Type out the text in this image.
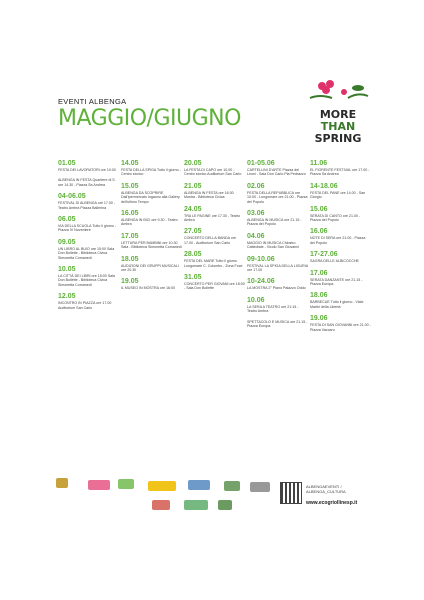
EVENTI ALBENGA
MAGGIO/GIUGNO	MORE
THAN
SPRING
01.05
FESTA DEI LAVORATORI ore 10:00
ALBENGA IN FESTA Quartiere di S. ore 14.30 - Piazza Sa Andrea
04-06.05
FESTIVAL DI ALBENGA ore 17.00 - Teatro Ambra Piazza Ballerina
06.05
VIA DELLA SCUOLA Tutto il giorno - Piazza IV Novembre
09.05
UN LIBRO AL BUIO ore 15:00 Sala Don Bollette - Biblioteca Civica Simonetta Comanedi
10.05
LA CITTÀ DEI LIBRI ore 15:00 Sala Don Bollette - Biblioteca Civica Simonetta Comanedi
12.05
INCONTRO IN PIAZZA ore 17.00 Auditorium San Carlo
14.05
FESTA DELLA SPIGA Tutto il giorno - Centro storico
15.05
ALBENGA DA SCOPRIRE Dall'ipermercato Ingauno alla Gallery dell'ultimo Tempo
16.05
ALBENGA IN BICI ore 9.30 - Teatro Ambra
17.05
LETTURA PER BAMBINI ore 10.30 Sala - Biblioteca Simonetta Comanedi
18.05
AUDIZIONI DEI GRUPPI MUSICALI ore 20.30
19.05
IL MUSEO IN MOSTRA ore 16:00
20.05
LA FESTA DI CAPO ore 10.00 - Centro storico Auditorium San Carlo
21.05
ALBENGA IN FESTA ore 16:30 Mostra - Biblioteca Civica
24.05
TRA LE PAGINE ore 17.30 - Teatro Ambra
27.05
CONCERTO DELLA BANDA ore 17.00 - Auditorium San Carlo
28.05
FESTA DEL MARE Tutto il giorno Lungomare C. Colombo - Zona Foce
31.05
CONCERTO PER GIOVANI ore 18:00 - Sala Don Bollette
01-05.06
CARTELLINI D'ARTE Piazza dei Leoni - Sala Don Carlo Pia Pedrazzo
02.06
FESTA DELLA REPUBBLICA ore 10:00 - Lungomare ore 21.00 - Piazza del Popolo
03.06
ALBENGA IN MUSICA ore 21.15 - Piazza del Popolo
04.06
MAGGIO IN MUSICA Chiostro Cattedrale - Vicolo San Giovanni
09-10.06
FESTIVAL LA SPIGA DELLA LIGURIA ore 17.00
10-24.06
LA MOSTRA 2° Piano Palazzo Oddo
10.06
LA SERA A TEATRO ore 21:15 - Teatro Ambra
SPETTACOLO E MUSICA ore 21.15 - Piazza Europa
11.06
EL FIORENTE FESTIVAL ore 17.00 - Piazza Sa Andrea
14-18.06
FESTA DEL PANE ore 14.00 - San Giorgio
15.06
SERATA DI CANTO ore 21.00 - Piazza del Popolo
16.06
NOTE DI SERA ore 21.00 - Piazza del Popolo
17-27.06
SAGRA DELLE ALBICOCCHE
17.06
SERATA DANZANTE ore 21.15 - Piazza Europa
18.06
BARBECUE Tutto il giorno - Viale Martiri della Libertà
19.06
FESTA DI SAN GIOVANNI ore 21.00 - Piazza Vaccaro
ALBENGAEVENTI / ALBENGA_CULTURA
www.ecogriollinesp.it
